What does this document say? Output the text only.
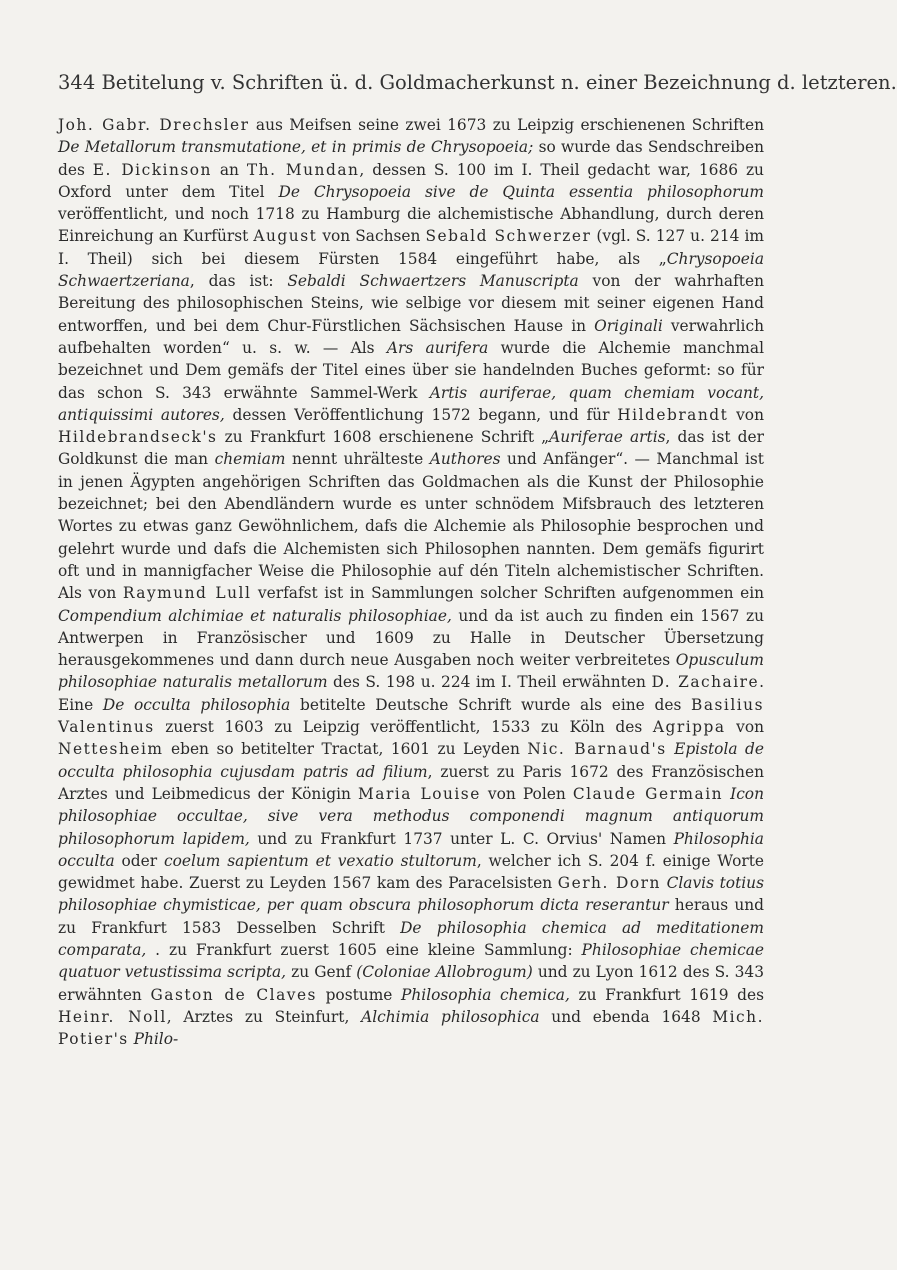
344 Betitelung v. Schriften ü. d. Goldmacherkunst n. einer Bezeichnung d. letzteren.

Joh. Gabr. Drechsler aus Meifsen seine zwei 1673 zu Leipzig erschienenen Schriften De Metallorum transmutatione, et in primis de Chrysopoeia; so wurde das Sendschreiben des E. Dickinson an Th. Mundan, dessen S. 100 im I. Theil gedacht war, 1686 zu Oxford unter dem Titel De Chrysopoeia sive de Quinta essentia philosophorum veröffentlicht, und noch 1718 zu Hamburg die alchemistische Abhandlung, durch deren Einreichung an Kurfürst August von Sachsen Sebald Schwerzer (vgl. S. 127 u. 214 im I. Theil) sich bei diesem Fürsten 1584 eingeführt habe, als „Chrysopoeia Schwaertzeriana, das ist: Sebaldi Schwaertzers Manuscripta von der wahrhaften Bereitung des philosophischen Steins, wie selbige vor diesem mit seiner eigenen Hand entworffen, und bei dem Chur-Fürstlichen Sächsischen Hause in Originali verwahrlich aufbehalten worden“ u. s. w. — Als Ars aurifera wurde die Alchemie manchmal bezeichnet und Dem gemäfs der Titel eines über sie handelnden Buches geformt: so für das schon S. 343 erwähnte Sammel-Werk Artis auriferae, quam chemiam vocant, antiquissimi autores, dessen Veröffentlichung 1572 begann, und für Hildebrandt von Hildebrandseck's zu Frankfurt 1608 erschienene Schrift „Auriferae artis, das ist der Goldkunst die man chemiam nennt uhrälteste Authores und Anfänger“. — Manchmal ist in jenen Ägypten angehörigen Schriften das Goldmachen als die Kunst der Philosophie bezeichnet; bei den Abendländern wurde es unter schnödem Mifsbrauch des letzteren Wortes zu etwas ganz Gewöhnlichem, dafs die Alchemie als Philosophie besprochen und gelehrt wurde und dafs die Alchemisten sich Philosophen nannten. Dem gemäfs figurirt oft und in mannigfacher Weise die Philosophie auf dén Titeln alchemistischer Schriften. Als von Raymund Lull verfafst ist in Sammlungen solcher Schriften aufgenommen ein Compendium alchimiae et naturalis philosophiae, und da ist auch zu finden ein 1567 zu Antwerpen in Französischer und 1609 zu Halle in Deutscher Übersetzung herausgekommenes und dann durch neue Ausgaben noch weiter verbreitetes Opusculum philosophiae naturalis metallorum des S. 198 u. 224 im I. Theil erwähnten D. Zachaire. Eine De occulta philosophia betitelte Deutsche Schrift wurde als eine des Basilius Valentinus zuerst 1603 zu Leipzig veröffentlicht, 1533 zu Köln des Agrippa von Nettesheim eben so betitelter Tractat, 1601 zu Leyden Nic. Barnaud's Epistola de occulta philosophia cujusdam patris ad filium, zuerst zu Paris 1672 des Französischen Arztes und Leibmedicus der Königin Maria Louise von Polen Claude Germain Icon philosophiae occultae, sive vera methodus componendi magnum antiquorum philosophorum lapidem, und zu Frankfurt 1737 unter L. C. Orvius' Namen Philosophia occulta oder coelum sapientum et vexatio stultorum, welcher ich S. 204 f. einige Worte gewidmet habe. Zuerst zu Leyden 1567 kam des Paracelsisten Gerh. Dorn Clavis totius philosophiae chymisticae, per quam obscura philosophorum dicta reserantur heraus und zu Frankfurt 1583 Desselben Schrift De philosophia chemica ad meditationem comparata, . zu Frankfurt zuerst 1605 eine kleine Sammlung: Philosophiae chemicae quatuor vetustissima scripta, zu Genf (Coloniae Allobrogum) und zu Lyon 1612 des S. 343 erwähnten Gaston de Claves postume Philosophia chemica, zu Frankfurt 1619 des Heinr. Noll, Arztes zu Steinfurt, Alchimia philosophica und ebenda 1648 Mich. Potier's Philo-
